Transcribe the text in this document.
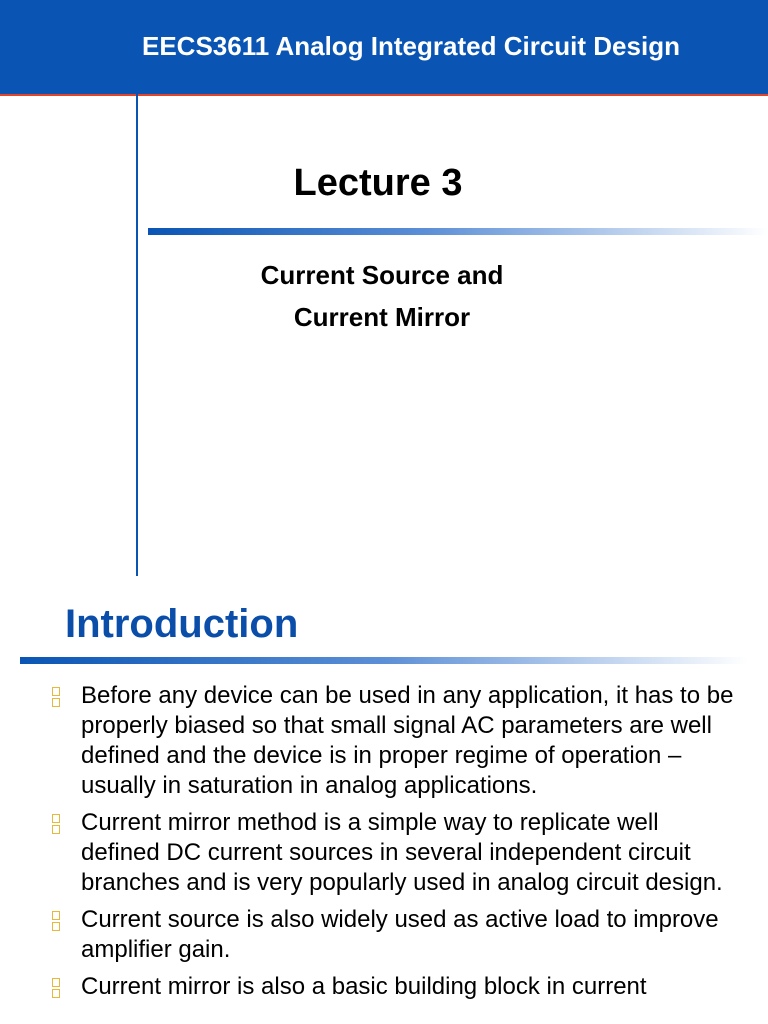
EECS3611 Analog Integrated Circuit Design
Lecture 3
Current Source and
Current Mirror
Introduction
Before any device can be used in any application, it has to be properly biased so that small signal AC parameters are well defined and the device is in proper regime of operation – usually in saturation in analog applications.
Current mirror method is a simple way to replicate well defined DC current sources in several independent circuit branches and is very popularly used in analog circuit design.
Current source is also widely used as active load to improve amplifier gain.
Current mirror is also a basic building block in current
